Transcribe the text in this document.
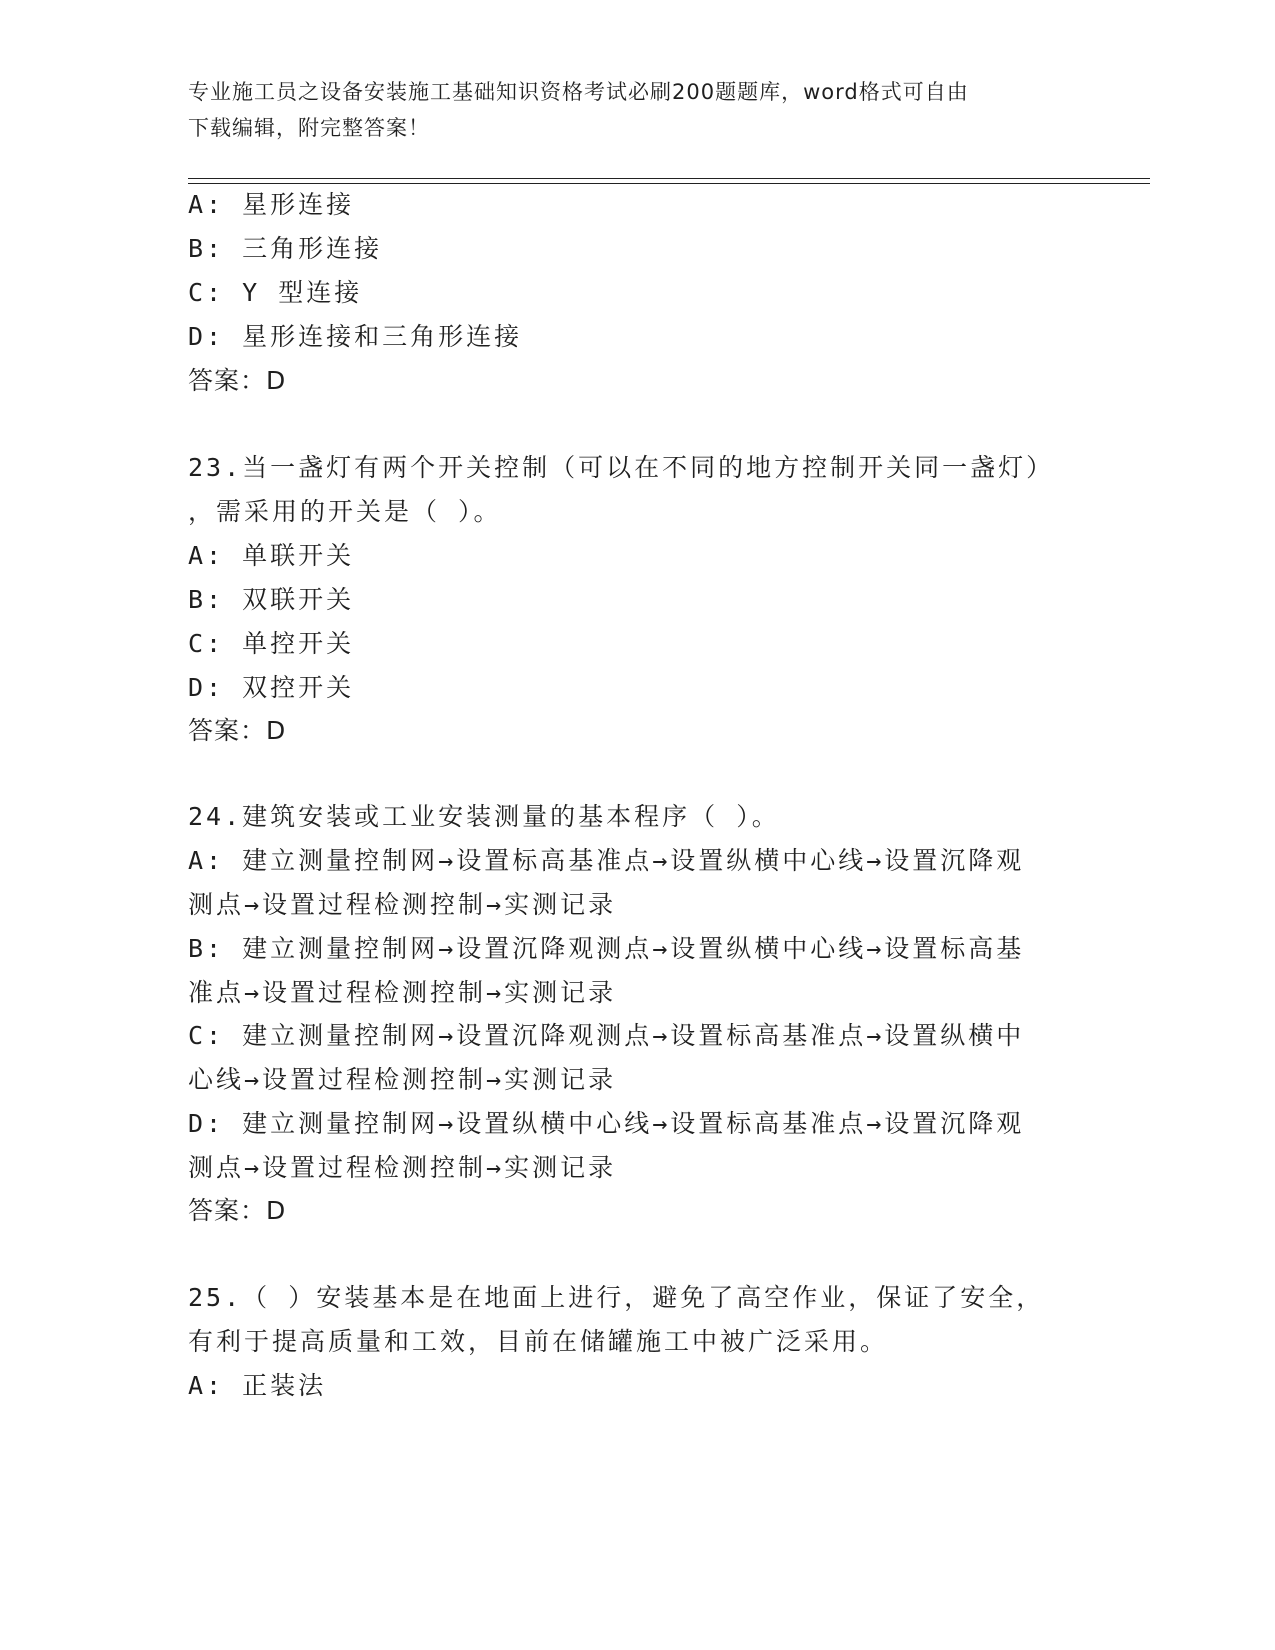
专业施工员之设备安装施工基础知识资格考试必刷200题题库，word格式可自由
下载编辑，附完整答案！
A: 星形连接
B: 三角形连接
C: Y 型连接
D: 星形连接和三角形连接
答案：D
23.当一盏灯有两个开关控制（可以在不同的地方控制开关同一盏灯）
，需采用的开关是（ ）。
A: 单联开关
B: 双联开关
C: 单控开关
D: 双控开关
答案：D
24.建筑安装或工业安装测量的基本程序（ ）。
A: 建立测量控制网→设置标高基准点→设置纵横中心线→设置沉降观
测点→设置过程检测控制→实测记录
B: 建立测量控制网→设置沉降观测点→设置纵横中心线→设置标高基
准点→设置过程检测控制→实测记录
C: 建立测量控制网→设置沉降观测点→设置标高基准点→设置纵横中
心线→设置过程检测控制→实测记录
D: 建立测量控制网→设置纵横中心线→设置标高基准点→设置沉降观
测点→设置过程检测控制→实测记录
答案：D
25.（ ）安装基本是在地面上进行，避免了高空作业，保证了安全，
有利于提高质量和工效，目前在储罐施工中被广泛采用。
A: 正装法
